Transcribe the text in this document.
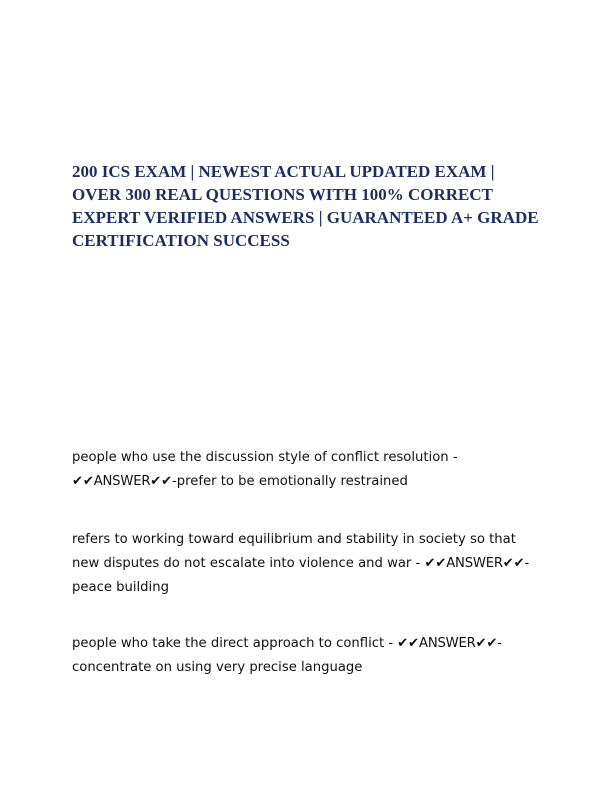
200 ICS EXAM | NEWEST ACTUAL UPDATED EXAM | OVER 300 REAL QUESTIONS WITH 100% CORRECT EXPERT VERIFIED ANSWERS | GUARANTEED A+ GRADE CERTIFICATION SUCCESS

people who use the discussion style of conflict resolution - ✔✔ANSWER✔✔-prefer to be emotionally restrained

refers to working toward equilibrium and stability in society so that new disputes do not escalate into violence and war - ✔✔ANSWER✔✔-peace building

people who take the direct approach to conflict - ✔✔ANSWER✔✔-concentrate on using very precise language
